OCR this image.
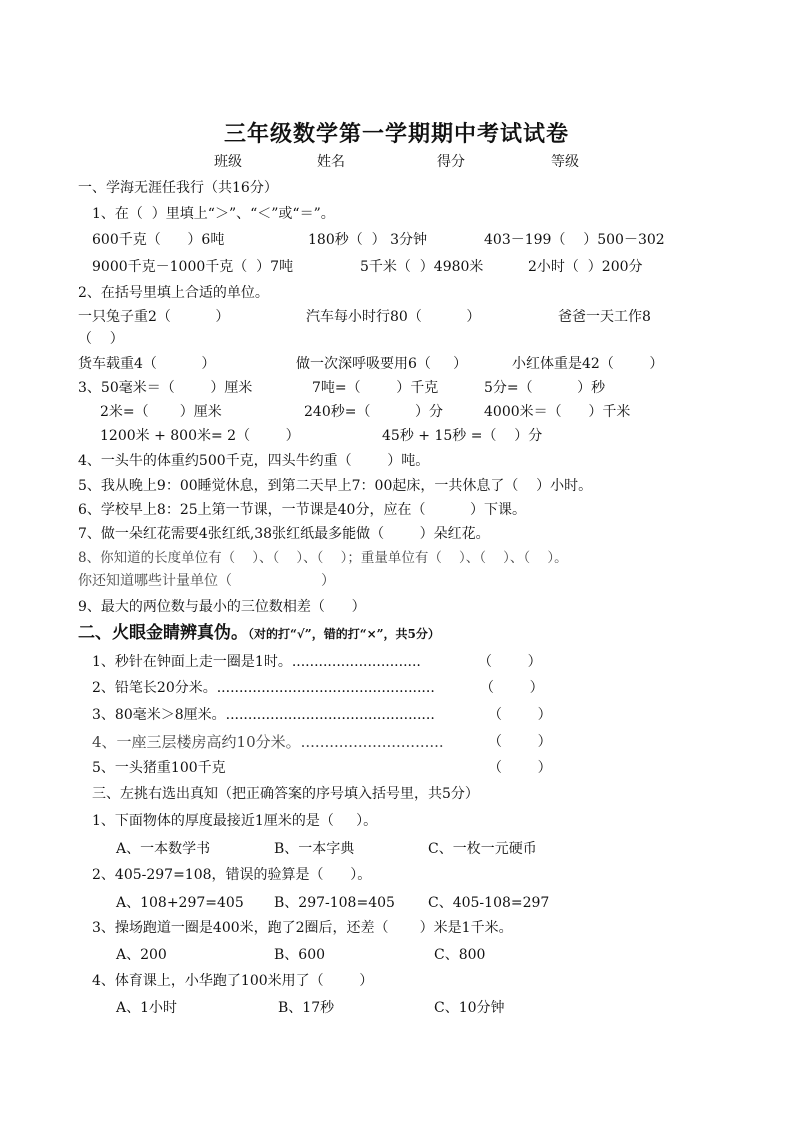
三年级数学第一学期期中考试试卷
班级	姓名	得分	等级
一、学海无涯任我行（共16分）
1、在（  ）里填上“＞”、“＜”或“＝”。
600千克（      ）6吨	180秒（  ） 3分钟	403－199（    ）500－302
9000千克－1000千克（  ）7吨	5千米（  ）4980米	2小时（  ）200分
2、在括号里填上合适的单位。
一只兔子重2（          ）	汽车每小时行80（          ）	爸爸一天工作8
（    ）
货车载重4（          ）	做一次深呼吸要用6（     ）	小红体重是42（        ）
3、50毫米＝（        ）厘米	7吨=（        ）千克	5分=（          ）秒
2米=（       ）厘米	240秒=（          ）分	4000米＝（      ）千米
1200米 + 800米= 2（        ）	45秒 + 15秒 =（    ）分
4、一头牛的体重约500千克，四头牛约重（        ）吨。
5、我从晚上9：00睡觉休息，到第二天早上7：00起床，一共休息了（    ）小时。
6、学校早上8：25上第一节课，一节课是40分，应在（          ）下课。
7、做一朵红花需要4张红纸,38张红纸最多能做（        ）朵红花。
8、你知道的长度单位有（    ）、（    ）、（    ）；重量单位有（    ）、（    ）、（    ）。
你还知道哪些计量单位（                    ）
9、最大的两位数与最小的三位数相差（      ）
二、火眼金睛辨真伪。（对的打“√”，错的打“×”，共5分）
1、秒针在钟面上走一圈是1时。.............................	（        ）
2、铅笔长20分米。.................................................	（        ）
3、80毫米＞8厘米。...............................................	（        ）
4、一座三层楼房高约10分米。..............................	（        ）
5、一头猪重100千克	（        ）
三、左挑右选出真知（把正确答案的序号填入括号里，共5分）
1、下面物体的厚度最接近1厘米的是（     ）。
A、一本数学书	B、一本字典	C、一枚一元硬币
2、405-297=108，错误的验算是（      ）。
A、108+297=405 B、297-108=405 C、405-108=297
3、操场跑道一圈是400米，跑了2圈后，还差（       ）米是1千米。
A、200	B、600	C、800
4、体育课上，小华跑了100米用了（        ）
A、1小时	B、17秒	C、10分钟
